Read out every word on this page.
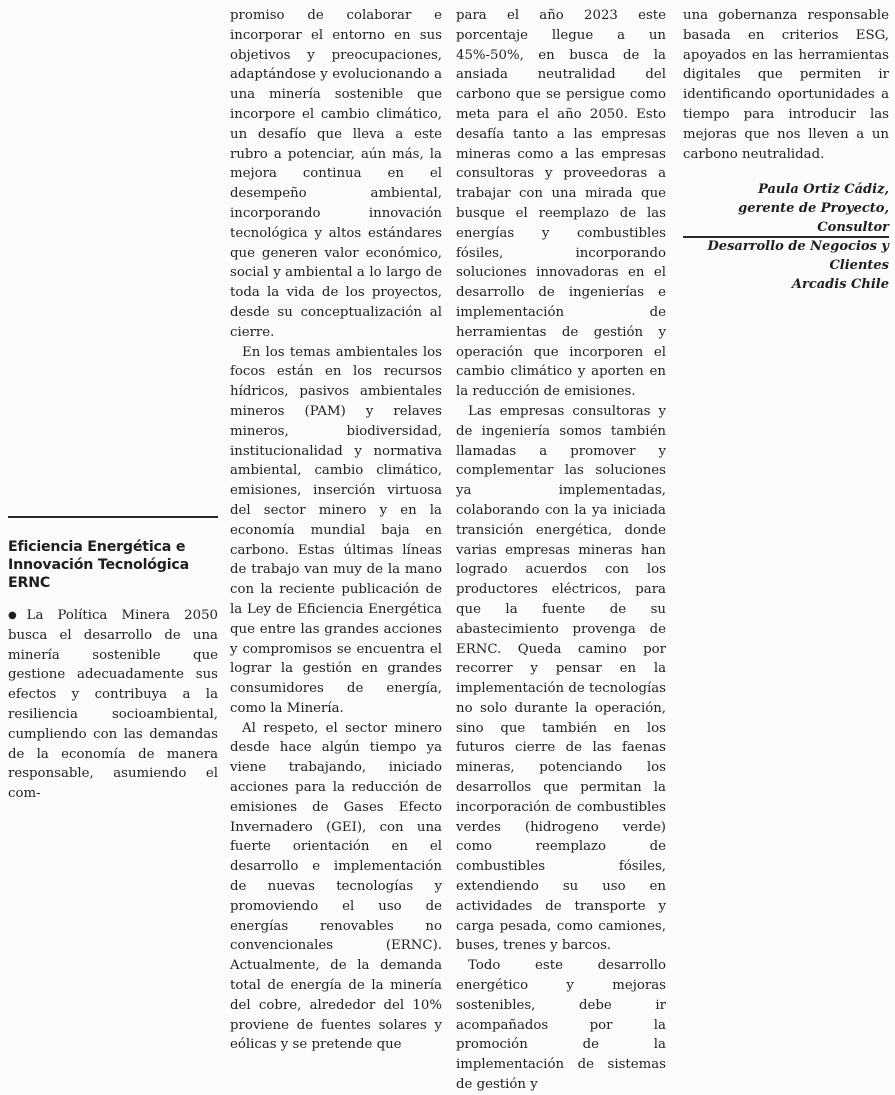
Eficiencia Energética e
Innovación Tecnológica ERNC

●La Política Minera 2050 busca el desarrollo de una minería sostenible que gestione adecuadamente sus efectos y contribuya a la resiliencia socioambiental, cumpliendo con las demandas de la economía de manera responsable, asumiendo el com-

promiso de colaborar e incorporar el entorno en sus objetivos y preocupaciones, adaptándose y evolucionando a una minería sostenible que incorpore el cambio climático, un desafío que lleva a este rubro a potenciar, aún más, la mejora continua en el desempeño ambiental, incorporando innovación tecnológica y altos estándares que generen valor económico, social y ambiental a lo largo de toda la vida de los proyectos, desde su conceptualización al cierre.

En los temas ambientales los focos están en los recursos hídricos, pasivos ambientales mineros (PAM) y relaves mineros, biodiversidad, institucionalidad y normativa ambiental, cambio climático, emisiones, inserción virtuosa del sector minero y en la economía mundial baja en carbono. Estas últimas líneas de trabajo van muy de la mano con la reciente publicación de la Ley de Eficiencia Energética que entre las grandes acciones y compromisos se encuentra el lograr la gestión en grandes consumidores de energía, como la Minería.

Al respeto, el sector minero desde hace algún tiempo ya viene trabajando, iniciado acciones para la reducción de emisiones de Gases Efecto Invernadero (GEI), con una fuerte orientación en el desarrollo e implementación de nuevas tecnologías y promoviendo el uso de energías renovables no convencionales (ERNC). Actualmente, de la demanda total de energía de la minería del cobre, alrededor del 10% proviene de fuentes solares y eólicas y se pretende que

para el año 2023 este porcentaje llegue a un 45%-50%, en busca de la ansiada neutralidad del carbono que se persigue como meta para el año 2050. Esto desafía tanto a las empresas mineras como a las empresas consultoras y proveedoras a trabajar con una mirada que busque el reemplazo de las energías y combustibles fósiles, incorporando soluciones innovadoras en el desarrollo de ingenierías e implementación de herramientas de gestión y operación que incorporen el cambio climático y aporten en la reducción de emisiones.

Las empresas consultoras y de ingeniería somos también llamadas a promover y complementar las soluciones ya implementadas, colaborando con la ya iniciada transición energética, donde varias empresas mineras han logrado acuerdos con los productores eléctricos, para que la fuente de su abastecimiento provenga de ERNC. Queda camino por recorrer y pensar en la implementación de tecnologías no solo durante la operación, sino que también en los futuros cierre de las faenas mineras, potenciando los desarrollos que permitan la incorporación de combustibles verdes (hidrogeno verde) como reemplazo de combustibles fósiles, extendiendo su uso en actividades de transporte y carga pesada, como camiones, buses, trenes y barcos.

Todo este desarrollo energético y mejoras sostenibles, debe ir acompañados por la promoción de la implementación de sistemas de gestión y

una gobernanza responsable basada en criterios ESG, apoyados en las herramientas digitales que permiten ir identificando oportunidades a tiempo para introducir las mejoras que nos lleven a un carbono neutralidad.

Paula Ortiz Cádiz,
gerente de Proyecto, Consultor
Desarrollo de Negocios y Clientes
Arcadis Chile
